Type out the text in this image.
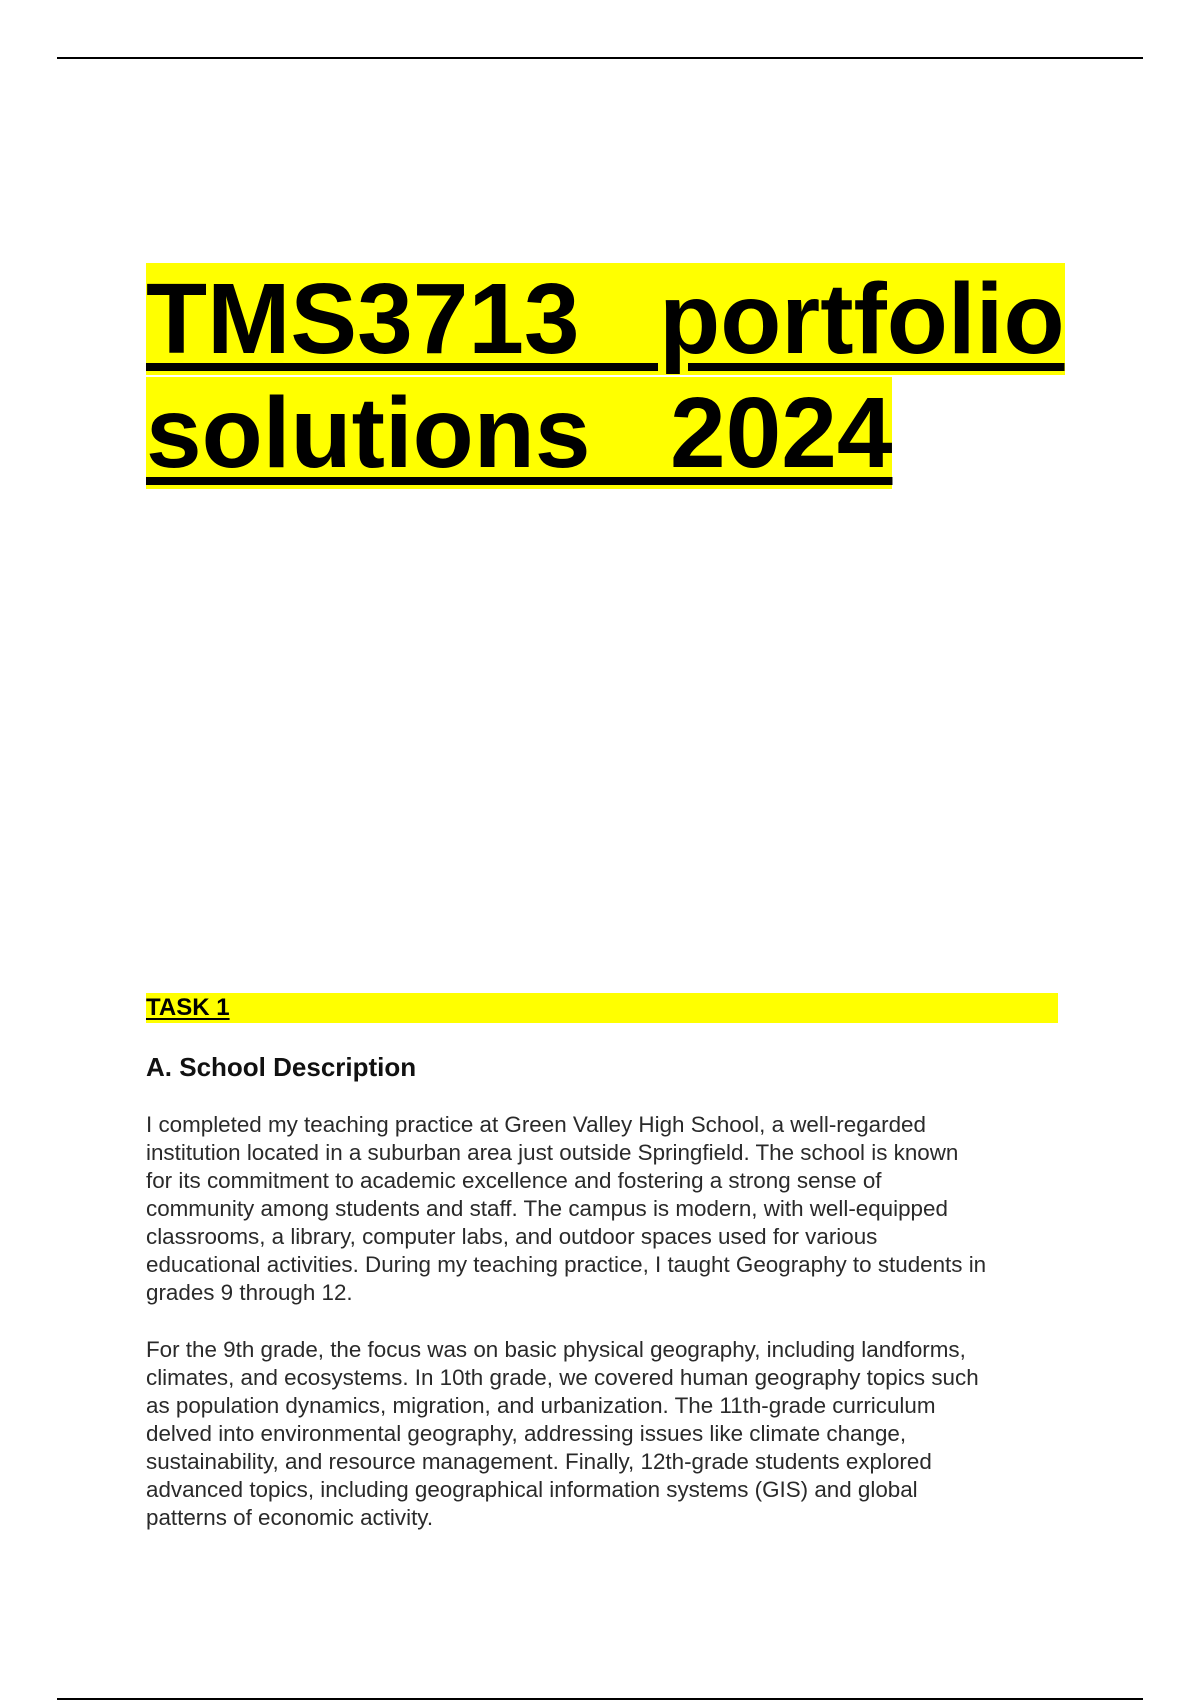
TMS3713  portfolio
solutions  2024
TASK 1
A. School Description

I completed my teaching practice at Green Valley High School, a well-regarded
institution located in a suburban area just outside Springfield. The school is known
for its commitment to academic excellence and fostering a strong sense of
community among students and staff. The campus is modern, with well-equipped
classrooms, a library, computer labs, and outdoor spaces used for various
educational activities. During my teaching practice, I taught Geography to students in
grades 9 through 12.

For the 9th grade, the focus was on basic physical geography, including landforms,
climates, and ecosystems. In 10th grade, we covered human geography topics such
as population dynamics, migration, and urbanization. The 11th-grade curriculum
delved into environmental geography, addressing issues like climate change,
sustainability, and resource management. Finally, 12th-grade students explored
advanced topics, including geographical information systems (GIS) and global
patterns of economic activity.
